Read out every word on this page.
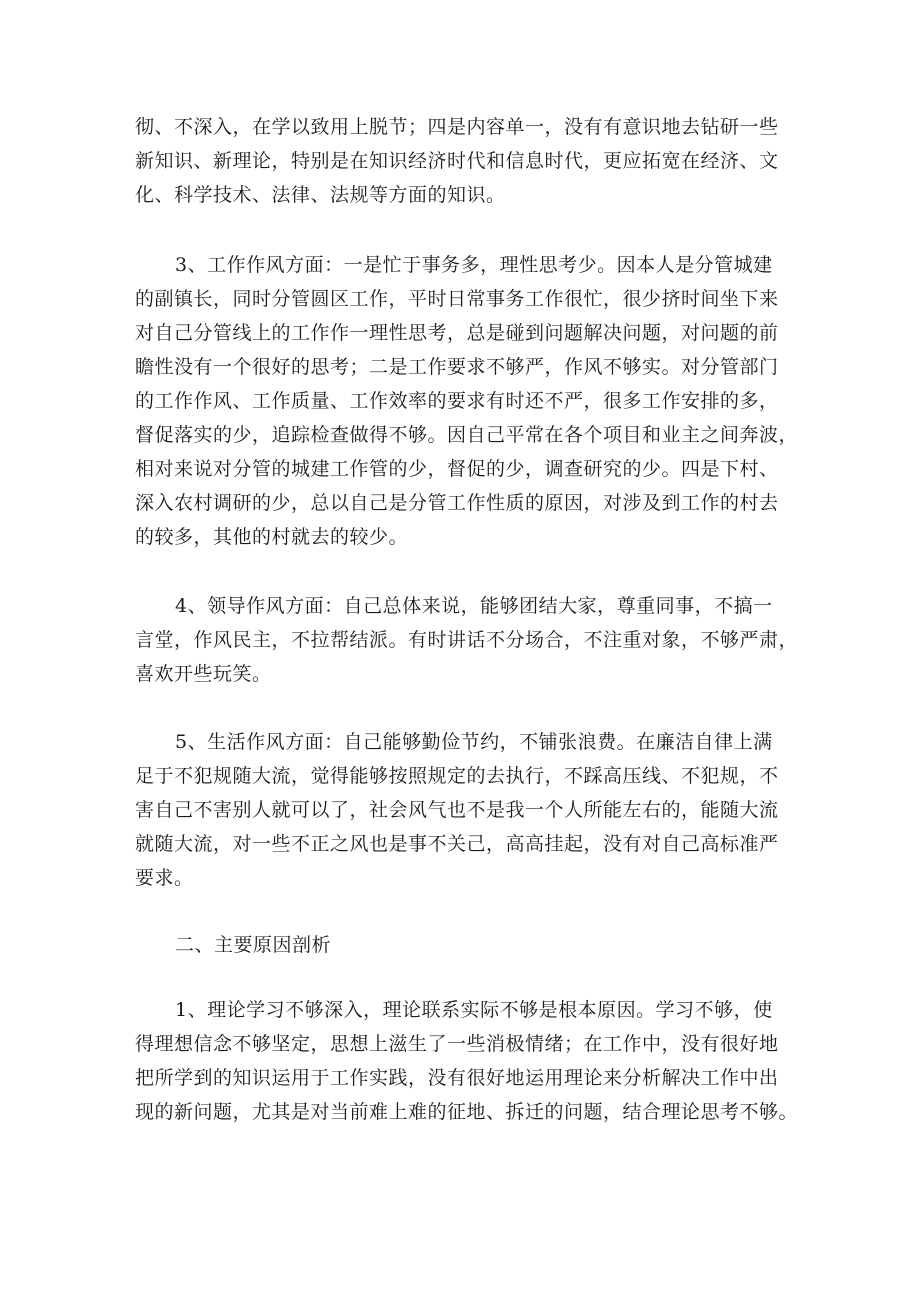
彻、不深入，在学以致用上脱节；四是内容单一，没有有意识地去钻研一些
新知识、新理论，特别是在知识经济时代和信息时代，更应拓宽在经济、文
化、科学技术、法律、法规等方面的知识。
3、工作作风方面：一是忙于事务多，理性思考少。因本人是分管城建
的副镇长，同时分管圆区工作，平时日常事务工作很忙，很少挤时间坐下来
对自己分管线上的工作作一理性思考，总是碰到问题解决问题，对问题的前
瞻性没有一个很好的思考；二是工作要求不够严，作风不够实。对分管部门
的工作作风、工作质量、工作效率的要求有时还不严，很多工作安排的多，
督促落实的少，追踪检查做得不够。因自己平常在各个项目和业主之间奔波，
相对来说对分管的城建工作管的少，督促的少，调查研究的少。四是下村、
深入农村调研的少，总以自己是分管工作性质的原因，对涉及到工作的村去
的较多，其他的村就去的较少。
4、领导作风方面：自己总体来说，能够团结大家，尊重同事，不搞一
言堂，作风民主，不拉帮结派。有时讲话不分场合，不注重对象，不够严肃，
喜欢开些玩笑。
5、生活作风方面：自己能够勤俭节约，不铺张浪费。在廉洁自律上满
足于不犯规随大流，觉得能够按照规定的去执行，不踩高压线、不犯规，不
害自己不害别人就可以了，社会风气也不是我一个人所能左右的，能随大流
就随大流，对一些不正之风也是事不关己，高高挂起，没有对自己高标准严
要求。
二、主要原因剖析
1、理论学习不够深入，理论联系实际不够是根本原因。学习不够，使
得理想信念不够坚定，思想上滋生了一些消极情绪；在工作中，没有很好地
把所学到的知识运用于工作实践，没有很好地运用理论来分析解决工作中出
现的新问题，尤其是对当前难上难的征地、拆迁的问题，结合理论思考不够。
